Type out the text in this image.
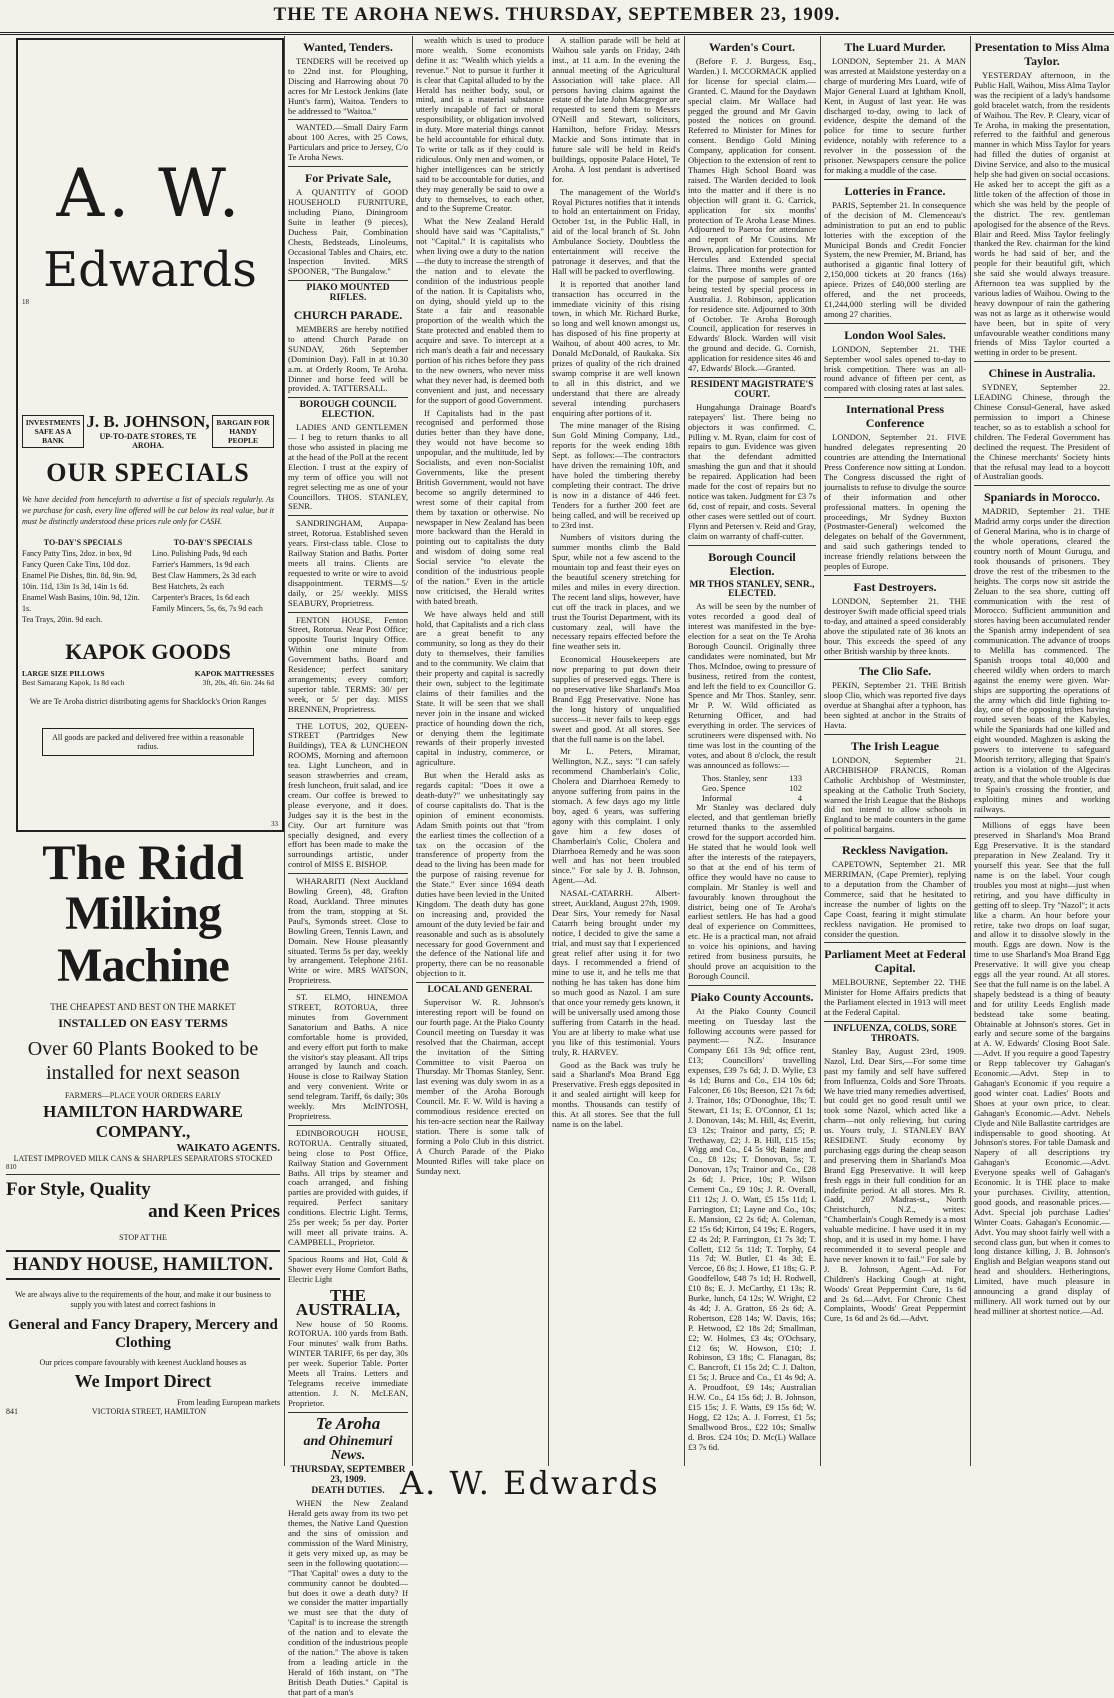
THE TE AROHA NEWS. THURSDAY, SEPTEMBER 23, 1909.
A. W.
Edwards
18
33
INVESTMENTS SAFE AS A BANK
J. B. JOHNSON,
UP-TO-DATE STORES, TE AROHA.
BARGAIN FOR HANDY PEOPLE
OUR SPECIALS
We have decided from henceforth to advertise a list of specials regularly. As we purchase for cash, every line offered will be cut below its real value, but it must be distinctly understood these prices rule only for CASH.
TO-DAY'S SPECIALS
Fancy Patty Tins, 2doz. in box, 9d
Fancy Queen Cake Tins, 10d doz.
Enamel Pie Dishes, 8in. 8d, 9in. 9d, 10in. 11d, 13in 1s 3d, 14in 1s 6d.
Enamel Wash Basins, 10in. 9d, 12in. 1s.
Tea Trays, 20in. 9d each.
TO-DAY'S SPECIALS
Lino. Polishing Pads, 9d each
Farrier's Hammers, 1s 9d each
Best Claw Hammers, 2s 3d each
Best Hatchets, 2s each
Carpenter's Braces, 1s 6d each
Family Mincers, 5s, 6s, 7s 9d each
KAPOK GOODS
LARGE SIZE PILLOWS	KAPOK MATTRESSES
Best Samarang Kapok, 1s 8d each	3ft, 20s, 4ft. 6in. 24s 6d
We are Te Aroha district distributing agents for Shacklock's Orion Ranges
All goods are packed and delivered free within a reasonable radius.
The Ridd
Milking Machine
THE CHEAPEST AND BEST ON THE MARKET
INSTALLED ON EASY TERMS
Over 60 Plants Booked to be installed for next season
FARMERS—PLACE YOUR ORDERS EARLY
HAMILTON HARDWARE COMPANY.,
WAIKATO AGENTS.
LATEST IMPROVED MILK CANS & SHARPLES SEPARATORS STOCKED
810
For Style, Quality
and Keen Prices
STOP AT THE
HANDY HOUSE, HAMILTON.
We are always alive to the requirements of the hour, and make it our business to supply you with latest and correct fashions in
General and Fancy Drapery, Mercery and Clothing
Our prices compare favourably with keenest Auckland houses as
We Import Direct
From leading European markets
841	VICTORIA STREET, HAMILTON
Wanted, Tenders.

TENDERS will be received up to 22nd inst. for Ploughing, Discing and Harrowing about 70 acres for Mr Lestock Jenkins (late Hunt's farm), Waitoa. Tenders to be addressed to "Waitoa."

WANTED.—Small Dairy Farm about 100 Acres, with 25 Cows, Particulars and price to Jersey, C/o Te Aroha News.

For Private Sale,

A QUANTITY of GOOD HOUSEHOLD FURNITURE, including Piano, Diningroom Suite in leather (9 pieces), Duchess Pair, Combination Chests, Bedsteads, Linoleums, Occasional Tables and Chairs, etc. Inspection Invited. MRS SPOONER, "The Bungalow."

PIAKO MOUNTED RIFLES.
CHURCH PARADE.

MEMBERS are hereby notified to attend Church Parade on SUNDAY, 26th September (Dominion Day). Fall in at 10.30 a.m. at Orderly Room, Te Aroha. Dinner and horse feed will be provided. A. TATTERSALL.

BOROUGH COUNCIL ELECTION.

LADIES AND GENTLEMEN— I beg to return thanks to all those who assisted in placing me at the head of the Poll at the recent Election. I trust at the expiry of my term of office you will not regret selecting me as one of your Councillors. THOS. STANLEY, SENR.

SANDRINGHAM, Aupapa-street, Rotorua. Established seven years. First-class table. Close to Railway Station and Baths. Porter meets all trains. Clients are requested to write or wire to avoid disappointment. TERMS—5/ daily, or 25/ weekly. MISS SEABURY, Proprietress.

FENTON HOUSE, Fenton Street, Rotorua. Near Post Office; opposite Tourist Inquiry Office. Within one minute from Government baths. Board and Residence; perfect sanitary arrangements; every comfort; superior table. TERMS: 30/ per week, or 5/ per day. MISS BRENNEN, Proprietress.

THE LOTUS, 202, QUEEN-STREET (Partridges New Buildings), TEA & LUNCHEON ROOMS, Morning and afternoon tea. Light Luncheon, and in season strawberries and cream, fresh luncheon, fruit salad, and ice cream. Our coffee is brewed to please everyone, and it does. Judges say it is the best in the City. Our art furniture was specially designed, and every effort has been made to make the surroundings artistic, under control of MISS E. BISHOP.

WHARARITI (Next Auckland Bowling Green), 48, Grafton Road, Auckland. Three minutes from the tram, stopping at St. Paul's, Symonds street. Close to Bowling Green, Tennis Lawn, and Domain. New House pleasantly situated. Terms 5s per day, weekly by arrangement. Telephone 2161. Write or wire. MRS WATSON, Proprietress.

ST. ELMO, HINEMOA STREET, ROTORUA, three minutes from Government Sanatorium and Baths. A nice comfortable home is provided, and every effort put forth to make the visitor's stay pleasant. All trips arranged by launch and coach. House is close to Railway Station and very convenient. Write or send telegram. Tariff, 6s daily; 30s weekly. Mrs McINTOSH, Proprietress.

EDINBOROUGH HOUSE, ROTORUA. Centrally situated, being close to Post Office, Railway Station and Government Baths. All trips by steamer and coach arranged, and fishing parties are provided with guides, if required. Perfect sanitary conditions. Electric Light. Terms, 25s per week; 5s per day. Porter will meet all private trains. A. CAMPBELL, Proprietor.

Spacious Rooms and Hot, Cold & Shower every Home Comfort Baths, Electric Light
THE AUSTRALIA,

New house of 50 Rooms. ROTORUA. 100 yards from Bath. Four minutes' walk from Baths. WINTER TARIFF, 6s per day, 30s per week. Superior Table. Porter Meets all Trains. Letters and Telegrams receive immediate attention. J. N. McLEAN, Proprietor.

Te Aroha
and Ohinemuri News.
THURSDAY, SEPTEMBER 23, 1909.
DEATH DUTIES.

WHEN the New Zealand Herald gets away from its two pet themes, the Native Land Question and the sins of omission and commission of the Ward Ministry, it gets very mixed up, as may be seen in the following quotation:— "That 'Capital' owes a duty to the community cannot be doubted—but does it owe a death duty? If we consider the matter impartially we must see that the duty of 'Capital' is to increase the strength of the nation and to elevate the condition of the industrious people of the nation." The above is taken from a leading article in the Herald of 16th instant, on "The British Death Duties." Capital is that part of a man's

wealth which is used to produce more wealth. Some economists define it as: "Wealth which yields a revenue." Not to pursue it further it is clear that Capital alluded to by the Herald has neither body, soul, or mind, and is a material substance utterly incapable of fact or moral responsibility, or obligation involved in duty. More material things cannot be held accountable for ethical duty. To write or talk as if they could is ridiculous. Only men and women, or higher intelligences can be strictly said to be accountable for duties, and they may generally be said to owe a duty to themselves, to each other, and to the Supreme Creator.

What the New Zealand Herald should have said was "Capitalists," not "Capital." It is capitalists who when living owe a duty to the nation—the duty to increase the strength of the nation and to elevate the condition of the industrious people of the nation. It is Capitalists who, on dying, should yield up to the State a fair and reasonable proportion of the wealth which the State protected and enabled them to acquire and save. To intercept at a rich man's death a fair and necessary portion of his riches before they pass to the new owners, who never miss what they never had, is deemed both convenient and just, and necessary for the support of good Government.

If Capitalists had in the past recognised and performed those duties better than they have done, they would not have become so unpopular, and the multitude, led by Socialists, and even non-Socialist Governments, like the present British Government, would not have become so angrily determined to wrest some of their capital from them by taxation or otherwise. No newspaper in New Zealand has been more backward than the Herald in pointing out to capitalists the duty and wisdom of doing some real Social service "to elevate the condition of the industrious people of the nation." Even in the article now criticised, the Herald writes with bated breath.

We have always held and still hold, that Capitalists and a rich class are a great benefit to any community, so long as they do their duty to themselves, their families and to the community. We claim that their property and capital is sacredly their own, subject to the legitimate claims of their families and the State. It will be seen that we shall never join in the insane and wicked practice of hounding down the rich, or denying them the legitimate rewards of their properly invested capital in industry, commerce, or agriculture.

But when the Herald asks as regards capital: "Does it owe a death-duty?" we unhesitatingly say of course capitalists do. That is the opinion of eminent economists. Adam Smith points out that "from the earliest times the collection of a tax on the occasion of the transference of property from the dead to the living has been made for the purpose of raising revenue for the State." Ever since 1694 death duties have been levied in the United Kingdom. The death duty has gone on increasing and, provided the amount of the duty levied be fair and reasonable and such as is absolutely necessary for good Government and the defence of the National life and property, there can be no reasonable objection to it.

LOCAL AND GENERAL

Supervisor W. R. Johnson's interesting report will be found on our fourth page. At the Piako County Council meeting on Tuesday it was resolved that the Chairman, accept the invitation of the Sitting Committee to visit Paeroa on Thursday. Mr Thomas Stanley, Senr. last evening was duly sworn in as a member of the Aroha Borough Council. Mr. F. W. Wild is having a commodious residence erected on his ten-acre section near the Railway station. There is some talk of forming a Polo Club in this district. A Church Parade of the Piako Mounted Rifles will take place on Sunday next.

A stallion parade will be held at Waihou sale yards on Friday, 24th inst., at 11 a.m. In the evening the annual meeting of the Agricultural Association will take place. All persons having claims against the estate of the late John Macgregor are requested to send them to Messrs O'Neill and Stewart, solicitors, Hamilton, before Friday. Messrs Mackie and Sons intimate that in future sale will be held in Reid's buildings, opposite Palace Hotel, Te Aroha. A lost pendant is advertised for.

The management of the World's Royal Pictures notifies that it intends to hold an entertainment on Friday, October 1st, in the Public Hall, in aid of the local branch of St. John Ambulance Society. Doubtless the entertainment will receive the patronage it deserves, and that the Hall will be packed to overflowing.

It is reported that another land transaction has occurred in the immediate vicinity of this rising town, in which Mr. Richard Burke, so long and well known amongst us, has disposed of his fine property at Waihou, of about 400 acres, to Mr. Donald McDonald, of Raukaka. Six prizes of quality of the rich drained swamp comprise it are well known to all in this district, and we understand that there are already several intending purchasers enquiring after portions of it.

The mine manager of the Rising Sun Gold Mining Company, Ltd., reports for the week ending 18th Sept. as follows:—The contractors have driven the remaining 10ft, and have holed the timbering thereby completing their contract. The drive is now in a distance of 446 feet. Tenders for a further 200 feet are being called, and will be received up to 23rd inst.

Numbers of visitors during the summer months climb the Bald Spur, while not a few ascend to the mountain top and feast their eyes on the beautiful scenery stretching for miles and miles in every direction. The recent land slips, however, have cut off the track in places, and we trust the Tourist Department, with its customary zeal, will have the necessary repairs effected before the fine weather sets in.

Economical Housekeepers are now preparing to put down their supplies of preserved eggs. There is no preservative like Sharland's Moa Brand Egg Preservative. None has the long history of unqualified success—it never fails to keep eggs sweet and good. At all stores. See that the full name is on the label.

Mr L. Peters, Miramar, Wellington, N.Z., says: "I can safely recommend Chamberlain's Colic, Cholera and Diarrhoea Remedy to anyone suffering from pains in the stomach. A few days ago my little boy, aged 6 years, was suffering agony with this complaint. I only gave him a few doses of Chamberlain's Colic, Cholera and Diarrhoea Remedy and he was soon well and has not been troubled since." For sale by J. B. Johnson, Agent.—Ad.

NASAL-CATARRH. Albert-street, Auckland, August 27th, 1909. Dear Sirs, Your remedy for Nasal Catarrh being brought under my notice, I decided to give the same a trial, and must say that I experienced great relief after using it for two days. I recommended a friend of mine to use it, and he tells me that nothing he has taken has done him so much good as Nazol. I am sure that once your remedy gets known, it will be universally used among those suffering from Catarrh in the head. You are at liberty to make what use you like of this testimonial. Yours truly, R. HARVEY.

Good as the Back was truly he said a Sharland's Moa Brand Egg Preservative. Fresh eggs deposited in it and sealed airtight will keep for months. Thousands can testify of this. At all stores. See that the full name is on the label.

Warden's Court.

(Before F. J. Burgess, Esq., Warden.) I. MCCORMACK applied for license for special claim.—Granted. C. Maund for the Daydawn special claim. Mr Wallace had pegged the ground and Mr Gavin posted the notices on ground. Referred to Minister for Mines for consent. Bendigo Gold Mining Company, application for consent. Objection to the extension of rent to Thames High School Board was raised. The Warden decided to look into the matter and if there is no objection will grant it. G. Carrick, application for six months' protection of Te Aroha Lease Mines. Adjourned to Paeroa for attendance and report of Mr Cousins. Mr Brown, application for protection for Hercules and Extended special claims. Three months were granted for the purpose of samples of ore being tested by special process in Australia. J. Robinson, application for residence site. Adjourned to 30th of October. Te Aroha Borough Council, application for reserves in Edwards' Block. Warden will visit the ground and decide. G. Cornish, application for residence sites 46 and 47, Edwards' Block.—Granted.

RESIDENT MAGISTRATE'S COURT.

Hungahunga Drainage Board's ratepayers' list. There being no objectors it was confirmed. C. Pilling v. M. Ryan, claim for cost of repairs to gun. Evidence was given that the defendant admitted smashing the gun and that it should be repaired. Application had been made for the cost of repairs but no notice was taken. Judgment for £3 7s 6d, cost of repair, and costs. Several other cases were settled out of court. Flynn and Petersen v. Reid and Gray, claim on warranty of chaff-cutter.

Borough Council Election.
MR THOS STANLEY, SENR., ELECTED.

As will be seen by the number of votes recorded a good deal of interest was manifested in the bye-election for a seat on the Te Aroha Borough Council. Originally three candidates were nominated, but Mr Thos. McIndoe, owing to pressure of business, retired from the contest, and left the field to ex Councillor G. Spence and Mr Thos. Stanley, senr. Mr P. W. Wild officiated as Returning Officer, and had everything in order. The services of scrutineers were dispensed with. No time was lost in the counting of the votes, and about 8 o'clock, the result was announced as follows:—

Thos. Stanley, senr	133
Geo. Spence	102
Informal	4

Mr Stanley was declared duly elected, and that gentleman briefly returned thanks to the assembled crowd for the support accorded him. He stated that he would look well after the interests of the ratepayers, so that at the end of his term of office they would have no cause to complain. Mr Stanley is well and favourably known throughout the district, being one of Te Aroha's earliest settlers. He has had a good deal of experience on Committees, etc. He is a practical man, not afraid to voice his opinions, and having retired from business pursuits, he should prove an acquisition to the Borough Council.

Piako County Accounts.

At the Piako County Council meeting on Tuesday last the following accounts were passed for payment:— N.Z. Insurance Company £61 13s 9d; office rent, £13; Councillors' travelling expenses, £39 7s 6d; J. D. Wylie, £3 4s 1d; Burns and Co., £14 10s 6d; Falconer, £6 10s; Beeson, £21 7s 6d; J. Trainor, 18s; O'Donoghue, 18s; T. Stewart, £1 1s; E. O'Connor, £1 1s; J. Donovan, 14s; M. Hill, 4s; Everitt, £3 12s; Trainor and party, £5; P. Trethaway, £2; J. B. Hill, £15 15s; Wigg and Co., £4 5s 9d; Baine and Co., £8 12s; T. Donovan, 5s; T. Donovan, 17s; Trainor and Co., £28 2s 6d; J. Price, 10s; P. Wilson Cement Co., £9 10s; J. R. Overall, £11 12s; J. O. Watt, £5 15s 11d; I. Farrington, £1; Layne and Co., 10s; E. Mansion, £2 2s 6d; A. Coleman, £2 15s 6d; Kirton, £4 19s; E. Rogers, £2 4s 2d; P. Farrington, £1 7s 3d; T. Collett, £12 5s 11d; T. Torphy, £4 11s 7d; W. Butler, £1 4s 3d; E. Vercoe, £6 8s; J. Howe, £1 18s; G. P. Goodfellow, £48 7s 1d; H. Rodwell, £10 8s; E. J. McCarthy, £1 13s; R. Burke, lunch, £4 12s; W. Wright, £2 4s 4d; J. A. Gratton, £6 2s 6d; A. Robertson, £28 14s; W. Davis, 16s; P. Hetwood, £2 18s 2d; Smallman, £2; W. Holmes, £3 4s; O'Ochsary, £12 6s; W. Howson, £10; J. Robinson, £3 18s; C. Flanagan, 8s; C. Bancroft, £1 15s 2d; C. J. Dalton, £1 5s; J. Bruce and Co., £1 4s 9d; A. A. Proudfoot, £9 14s; Australian H.W. Co., £4 15s 6d; J. B. Johnson, £15 15s; J. F. Watts, £9 15s 6d; W. Hogg, £2 12s; A. J. Forrest, £1 5s; Smallwood Bros., £22 10s; Smallw d. Bros. £24 10s; D. Mc(L) Wallace £3 7s 6d.

The Luard Murder.

LONDON, September 21. A MAN was arrested at Maidstone yesterday on a charge of murdering Mrs Luard, wife of Major General Luard at Ightham Knoll, Kent, in August of last year. He was discharged to-day, owing to lack of evidence, despite the demand of the police for time to secure further evidence, notably with reference to a revolver in the possession of the prisoner. Newspapers censure the police for making a muddle of the case.

Lotteries in France.

PARIS, September 21. In consequence of the decision of M. Clemenceau's administration to put an end to public lotteries with the exception of the Municipal Bonds and Credit Foncier System, the new Premier, M. Briand, has authorised a gigantic final lottery of 2,150,000 tickets at 20 francs (16s) apiece. Prizes of £40,000 sterling are offered, and the net proceeds, £1,244,000 sterling will be divided among 27 charities.

London Wool Sales.

LONDON, September 21. THE September wool sales opened to-day to brisk competition. There was an all-round advance of fifteen per cent, as compared with closing rates at last sales.

International Press Conference

LONDON, September 21. FIVE hundred delegates representing 20 countries are attending the International Press Conference now sitting at London. The Congress discussed the right of journalists to refuse to divulge the source of their information and other professional matters. In opening the proceedings, Mr Sydney Buxton (Postmaster-General) welcomed the delegates on behalf of the Government, and said such gatherings tended to increase friendly relations between the peoples of Europe.

Fast Destroyers.

LONDON, September 21. THE destroyer Swift made official speed trials to-day, and attained a speed considerably above the stipulated rate of 36 knots an hour. This exceeds the speed of any other British warship by three knots.

The Clio Safe.

PEKIN, September 21. THE British sloop Clio, which was reported five days overdue at Shanghai after a typhoon, has been sighted at anchor in the Straits of Havta.

The Irish League

LONDON, September 21. ARCHBISHOP FRANCIS, Roman Catholic Archbishop of Westminster, speaking at the Catholic Truth Society, warned the Irish League that the Bishops did not intend to allow schools in England to be made counters in the game of political bargains.

Reckless Navigation.

CAPETOWN, September 21. MR MERRIMAN, (Cape Premier), replying to a deputation from the Chamber of Commerce, said that he hesitated to increase the number of lights on the Cape Coast, fearing it might stimulate reckless navigation. He promised to consider the question.

Parliament Meet at Federal Capital.

MELBOURNE, September 22. THE Minister for Home Affairs predicts that the Parliament elected in 1913 will meet at the Federal Capital.

INFLUENZA, COLDS, SORE THROATS.

Stanley Bay, August 23rd, 1909. Nazol, Ltd. Dear Sirs,—For some time past my family and self have suffered from Influenza, Colds and Sore Throats. We have tried many remedies advertised, but could get no good result until we took some Nazol, which acted like a charm—not only relieving, but curing us. Yours truly, J. STANLEY BAY RESIDENT. Study economy by purchasing eggs during the cheap season and preserving them in Sharland's Moa Brand Egg Preservative. It will keep fresh eggs in their full condition for an indefinite period. At all stores. Mrs R. Gadd, 207 Madras-st., North Christchurch, N.Z., writes: "Chamberlain's Cough Remedy is a most valuable medicine. I have used it in my shop, and it is used in my home. I have recommended it to several people and have never known it to fail." For sale by J. B. Johnson, Agent.—Ad. For Children's Hacking Cough at night, Woods' Great Peppermint Cure, 1s 6d and 2s 6d.—Advt. For Chronic Chest Complaints, Woods' Great Peppermint Cure, 1s 6d and 2s 6d.—Advt.

Presentation to Miss Alma Taylor.

YESTERDAY afternoon, in the Public Hall, Waihou, Miss Alma Taylor was the recipient of a lady's handsome gold bracelet watch, from the residents of Waihou. The Rev. P. Cleary, vicar of Te Aroha, in making the presentation, referred to the faithful and generous manner in which Miss Taylor for years had filled the duties of organist at Divine Service, and also to the musical help she had given on social occasions. He asked her to accept the gift as a little token of the affection of those in which she was held by the people of the district. The rev. gentleman apologised for the absence of the Revs. Blair and Reed. Miss Taylor feelingly thanked the Rev. chairman for the kind words he had said of her, and the people for their beautiful gift, which she said she would always treasure. Afternoon tea was supplied by the various ladies of Waihou. Owing to the heavy downpour of rain the gathering was not as large as it otherwise would have been, but in spite of very unfavourable weather conditions many friends of Miss Taylor courted a wetting in order to be present.

Chinese in Australia.

SYDNEY, September 22. LEADING Chinese, through the Chinese Consul-General, have asked permission to import a Chinese teacher, so as to establish a school for children. The Federal Government has declined the request. The President of the Chinese merchants' Society hints that the refusal may lead to a boycott of Australian goods.

Spaniards in Morocco.

MADRID, September 21. THE Madrid army corps under the direction of General Marina, who is in charge of the whole operations, cleared the country north of Mount Gurugu, and took thousands of prisoners. They drove the rest of the tribesmen to the heights. The corps now sit astride the Zeluan to the sea shore, cutting off communication with the rest of Morocco. Sufficient ammunition and stores having been accumulated render the Spanish army independent of sea communication. The advance of troops to Melilla has commenced. The Spanish troops total 40,000 and cheered wildly when orders to march against the enemy were given. War-ships are supporting the operations of the army which did little fighting to-day, one of the opposing tribes having routed seven boats of the Kabyles, while the Spaniards had one killed and eight wounded. Maghzen is asking the powers to intervene to safeguard Moorish territory, alleging that Spain's action is a violation of the Algeciras treaty, and that the whole trouble is due to Spain's crossing the frontier, and exploiting mines and working railways.

Millions of eggs have been preserved in Sharland's Moa Brand Egg Preservative. It is the standard preparation in New Zealand. Try it yourself this year. See that the full name is on the label. Your cough troubles you most at night—just when retiring, and you have difficulty in getting off to sleep. Try "Nazol"; it acts like a charm. An hour before your retire, take two drops on loaf sugar, and allow it to dissolve slowly in the mouth. Eggs are down. Now is the time to use Sharland's Moa Brand Egg Preservative. It will give you cheap eggs all the year round. At all stores. See that the full name is on the label. A shapely bedstead is a thing of beauty and for utility Leeds English made bedstead take some beating. Obtainable at Johnson's stores. Get in early and secure some of the bargains at A. W. Edwards' Closing Boot Sale.—Advt. If you require a good Tapestry or Repp tablecover try Gahagan's Economic.—Advt. Step in to Gahagan's Economic if you require a good winter coat. Ladies' Boots and Shoes at your own price, to clear. Gahagan's Economic.—Advt. Nebels Clyde and Nile Ballastite cartridges are indispensable to good shooting. At Johnson's stores. For table Damask and Napery of all descriptions try Gahagan's Economic.—Advt. Everyone speaks well of Gahagan's Economic. It is THE place to make your purchases. Civility, attention, good goods, and reasonable prices.—Advt. Special job purchase Ladies' Winter Coats. Gahagan's Economic.—Advt. You may shoot fairly well with a second class gun, but when it comes to long distance killing, J. B. Johnson's English and Belgian weapons stand out head and shoulders. Hetheringtons, Limited, have much pleasure in announcing a grand display of millinery. All work turned out by our head milliner at shortest notice.—Ad.

A. W. Edwards
